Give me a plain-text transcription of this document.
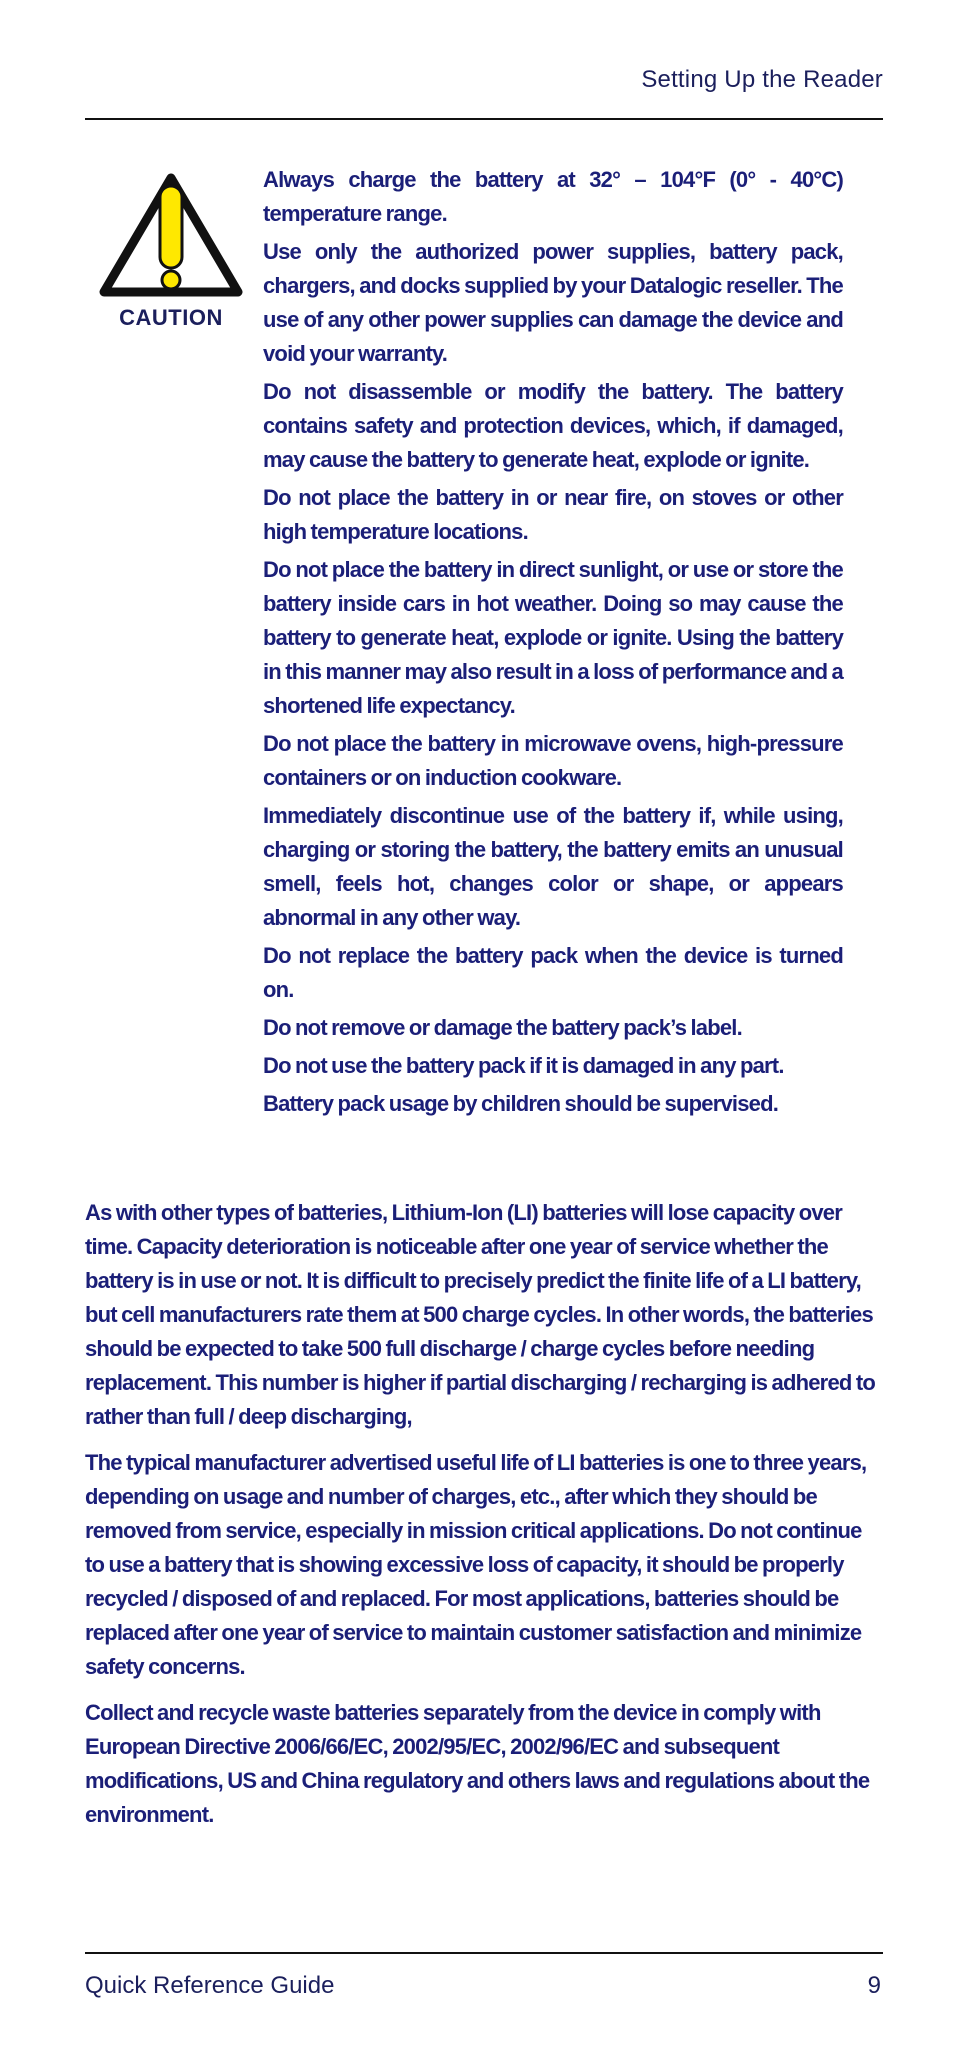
Setting Up the Reader
CAUTION

Always charge the battery at 32° – 104°F (0° - 40°C) temperature range.

Use only the authorized power supplies, battery pack, chargers, and docks supplied by your Datalogic reseller. The use of any other power supplies can damage the device and void your warranty.

Do not disassemble or modify the battery. The battery contains safety and protection devices, which, if damaged, may cause the battery to generate heat, explode or ignite.

Do not place the battery in or near fire, on stoves or other high temperature locations.

Do not place the battery in direct sunlight, or use or store the battery inside cars in hot weather. Doing so may cause the battery to generate heat, explode or ignite. Using the battery in this manner may also result in a loss of performance and a shortened life expectancy.

Do not place the battery in microwave ovens, high-pressure containers or on induction cookware.

Immediately discontinue use of the battery if, while using, charging or storing the battery, the battery emits an unusual smell, feels hot, changes color or shape, or appears abnormal in any other way.

Do not replace the battery pack when the device is turned on.

Do not remove or damage the battery pack’s label.

Do not use the battery pack if it is damaged in any part.

Battery pack usage by children should be supervised.

As with other types of batteries, Lithium-Ion (LI) batteries will lose capacity over time. Capacity deterioration is noticeable after one year of service whether the battery is in use or not. It is difficult to precisely predict the finite life of a LI battery, but cell manufacturers rate them at 500 charge cycles. In other words, the batteries should be expected to take 500 full discharge / charge cycles before needing replacement. This number is higher if partial discharging / recharging is adhered to rather than full / deep discharging,

The typical manufacturer advertised useful life of LI batteries is one to three years, depending on usage and number of charges, etc., after which they should be removed from service, especially in mission critical applications. Do not continue to use a battery that is showing excessive loss of capacity, it should be properly recycled / disposed of and replaced. For most applications, batteries should be replaced after one year of service to maintain customer satisfaction and minimize safety concerns.

Collect and recycle waste batteries separately from the device in comply with European Directive 2006/66/EC, 2002/95/EC, 2002/96/EC and subsequent modifications, US and China regulatory and others laws and regulations about the environment.

Quick Reference Guide	9
